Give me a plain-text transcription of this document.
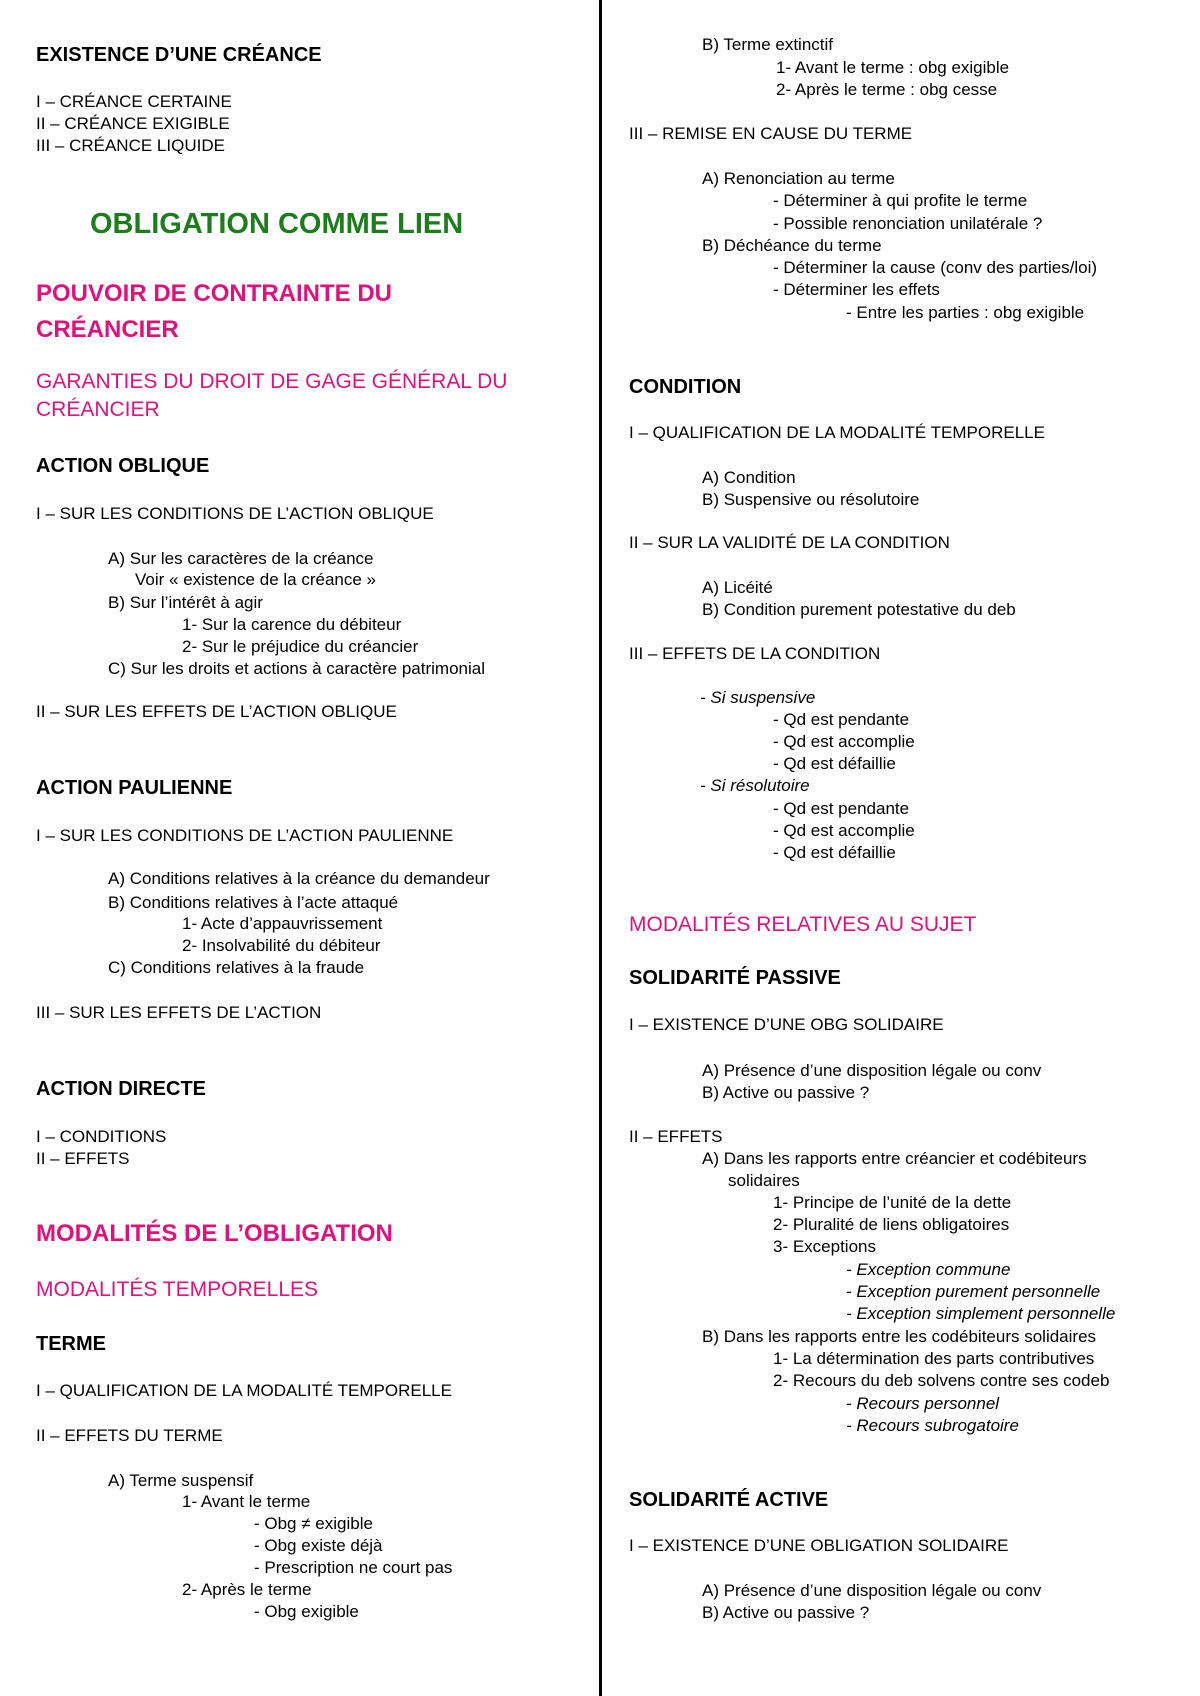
EXISTENCE D’UNE CRÉANCE
I – CRÉANCE CERTAINE
II – CRÉANCE EXIGIBLE
III – CRÉANCE LIQUIDE
OBLIGATION COMME LIEN
POUVOIR DE CONTRAINTE DU
CRÉANCIER
GARANTIES DU DROIT DE GAGE GÉNÉRAL DU
CRÉANCIER
ACTION OBLIQUE
I – SUR LES CONDITIONS DE L’ACTION OBLIQUE
A) Sur les caractères de la créance
Voir « existence de la créance »
B) Sur l’intérêt à agir
1- Sur la carence du débiteur
2- Sur le préjudice du créancier
C) Sur les droits et actions à caractère patrimonial
II – SUR LES EFFETS DE L’ACTION OBLIQUE
ACTION PAULIENNE
I – SUR LES CONDITIONS DE L’ACTION PAULIENNE
A) Conditions relatives à la créance du demandeur
B) Conditions relatives à l’acte attaqué
1- Acte d’appauvrissement
2- Insolvabilité du débiteur
C) Conditions relatives à la fraude
III – SUR LES EFFETS DE L’ACTION
ACTION DIRECTE
I – CONDITIONS
II – EFFETS
MODALITÉS DE L’OBLIGATION
MODALITÉS TEMPORELLES
TERME
I – QUALIFICATION DE LA MODALITÉ TEMPORELLE
II – EFFETS DU TERME
A) Terme suspensif
1- Avant le terme
- Obg ≠ exigible
- Obg existe déjà
- Prescription ne court pas
2- Après le terme
- Obg exigible
B) Terme extinctif
1- Avant le terme : obg exigible
2- Après le terme : obg cesse
III – REMISE EN CAUSE DU TERME
A) Renonciation au terme
- Déterminer à qui profite le terme
- Possible renonciation unilatérale ?
B) Déchéance du terme
- Déterminer la cause (conv des parties/loi)
- Déterminer les effets
- Entre les parties : obg exigible
CONDITION
I – QUALIFICATION DE LA MODALITÉ TEMPORELLE
A) Condition
B) Suspensive ou résolutoire
II – SUR LA VALIDITÉ DE LA CONDITION
A) Licéité
B) Condition purement potestative du deb
III – EFFETS DE LA CONDITION
- Si suspensive
- Qd est pendante
- Qd est accomplie
- Qd est défaillie
- Si résolutoire
- Qd est pendante
- Qd est accomplie
- Qd est défaillie
MODALITÉS RELATIVES AU SUJET
SOLIDARITÉ PASSIVE
I – EXISTENCE D’UNE OBG SOLIDAIRE
A) Présence d’une disposition légale ou conv
B) Active ou passive ?
II – EFFETS
A) Dans les rapports entre créancier et codébiteurs
solidaires
1- Principe de l’unité de la dette
2- Pluralité de liens obligatoires
3- Exceptions
- Exception commune
- Exception purement personnelle
- Exception simplement personnelle
B) Dans les rapports entre les codébiteurs solidaires
1- La détermination des parts contributives
2- Recours du deb solvens contre ses codeb
- Recours personnel
- Recours subrogatoire
SOLIDARITÉ ACTIVE
I – EXISTENCE D’UNE OBLIGATION SOLIDAIRE
A) Présence d’une disposition légale ou conv
B) Active ou passive ?
